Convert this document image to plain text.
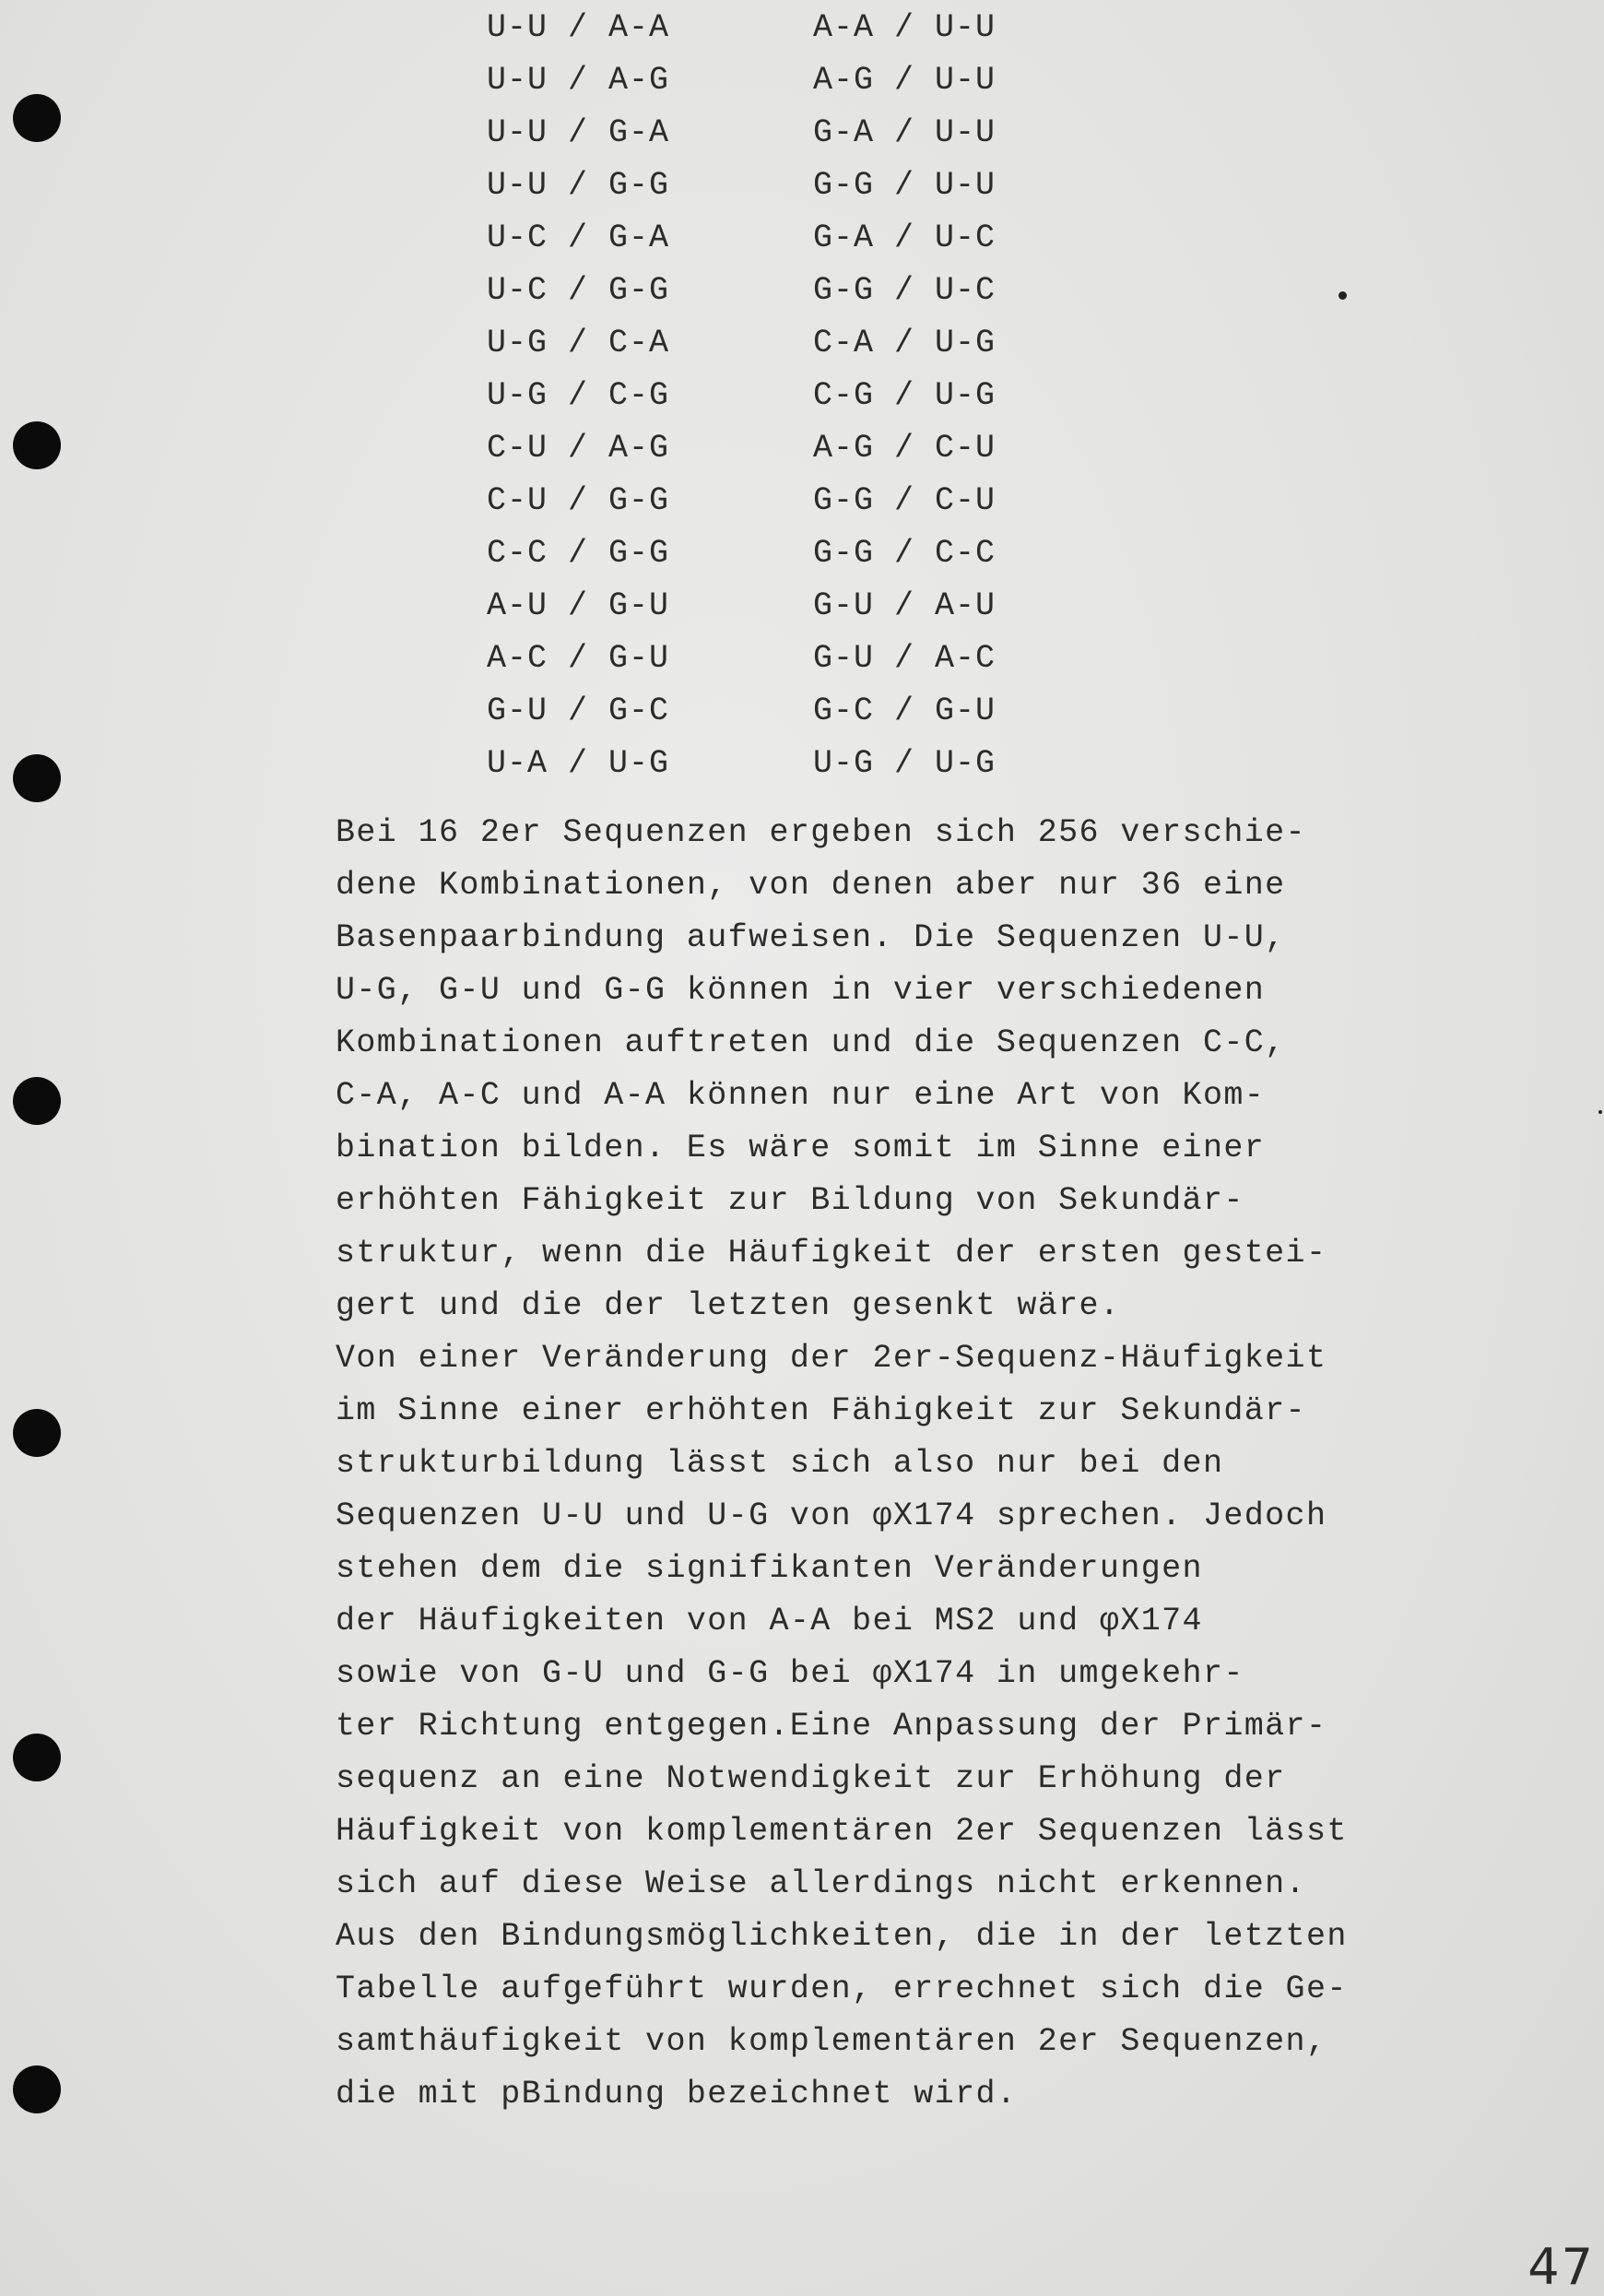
U-U / A-A	A-A / U-U
U-U / A-G	A-G / U-U
U-U / G-A	G-A / U-U
U-U / G-G	G-G / U-U
U-C / G-A	G-A / U-C
U-C / G-G	G-G / U-C
U-G / C-A	C-A / U-G
U-G / C-G	C-G / U-G
C-U / A-G	A-G / C-U
C-U / G-G	G-G / C-U
C-C / G-G	G-G / C-C
A-U / G-U	G-U / A-U
A-C / G-U	G-U / A-C
G-U / G-C	G-C / G-U
U-A / U-G	U-G / U-G
Bei 16 2er Sequenzen ergeben sich 256 verschie-
dene Kombinationen, von denen aber nur 36 eine
Basenpaarbindung aufweisen. Die Sequenzen U-U,
U-G, G-U und G-G können in vier verschiedenen
Kombinationen auftreten und die Sequenzen C-C,
C-A, A-C und A-A können nur eine Art von Kom-
bination bilden. Es wäre somit im Sinne einer
erhöhten Fähigkeit zur Bildung von Sekundär-
struktur, wenn die Häufigkeit der ersten gestei-
gert und die der letzten gesenkt wäre.
Von einer Veränderung der 2er-Sequenz-Häufigkeit
im Sinne einer erhöhten Fähigkeit zur Sekundär-
strukturbildung lässt sich also nur bei den
Sequenzen U-U und U-G von φX174 sprechen. Jedoch
stehen dem die signifikanten Veränderungen
der Häufigkeiten von A-A bei MS2 und φX174
sowie von G-U und G-G bei φX174 in umgekehr-
ter Richtung entgegen.Eine Anpassung der Primär-
sequenz an eine Notwendigkeit zur Erhöhung der
Häufigkeit von komplementären 2er Sequenzen lässt
sich auf diese Weise allerdings nicht erkennen.
Aus den Bindungsmöglichkeiten, die in der letzten
Tabelle aufgeführt wurden, errechnet sich die Ge-
samthäufigkeit von komplementären 2er Sequenzen,
die mit pBindung bezeichnet wird.
47
